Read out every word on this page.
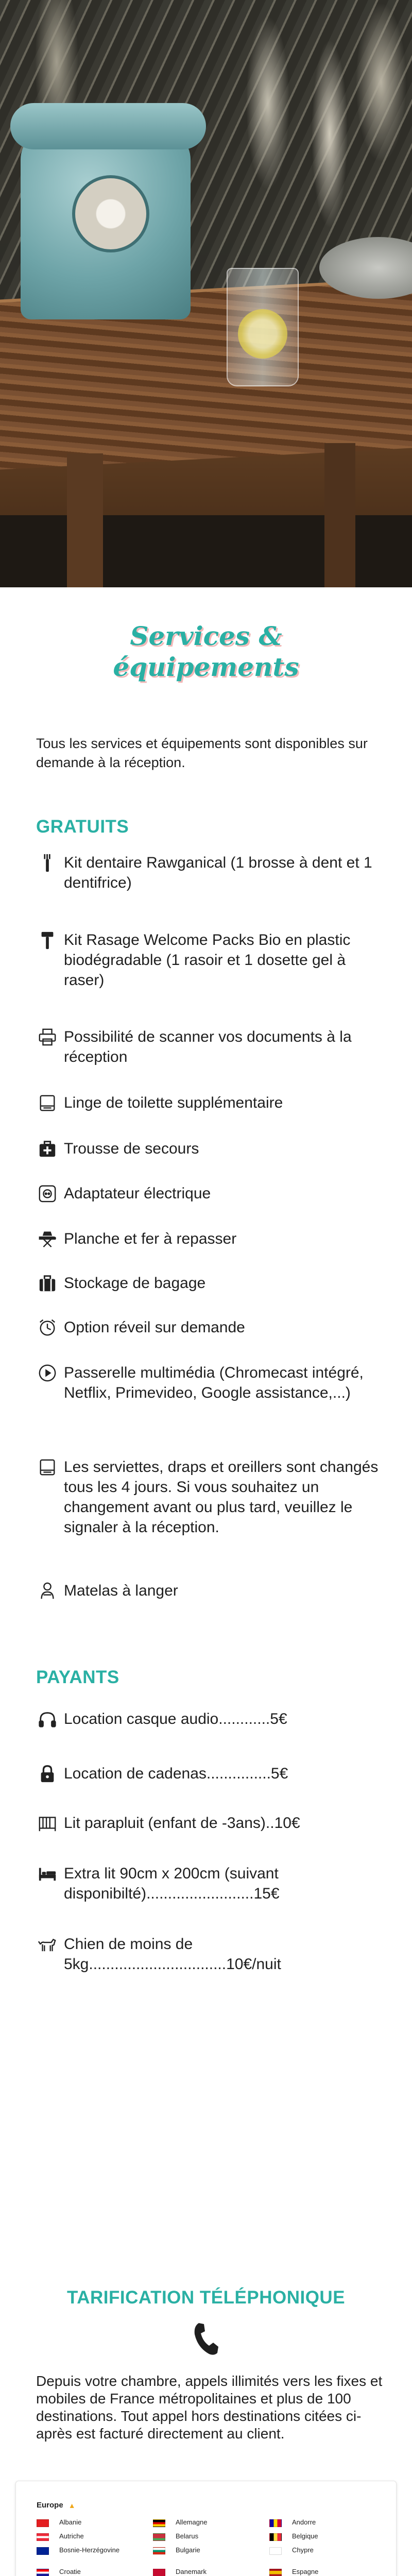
Services &
équipements

Tous les services et équipements sont disponibles sur demande à la réception.

GRATUITS
Kit dentaire Rawganical (1 brosse à dent et 1 dentifrice)
Kit Rasage Welcome Packs Bio en plastic biodégradable (1 rasoir et 1 dosette gel à raser)
Possibilité de scanner vos documents à la réception
Linge de toilette supplémentaire
Trousse de secours
Adaptateur électrique
Planche et fer à repasser
Stockage de bagage
Option réveil sur demande
Passerelle multimédia (Chromecast intégré, Netflix, Primevideo, Google assistance,...)
Les serviettes, draps et oreillers sont changés tous les 4 jours. Si vous souhaitez un changement avant ou plus tard, veuillez le signaler à la réception.
Matelas à langer
PAYANTS
Location casque audio............5€
Location de cadenas...............5€
Lit parapluit (enfant de -3ans)..10€
Extra lit 90cm x 200cm (suivant disponibilté).........................15€
Chien de moins de 5kg................................10€/nuit
TARIFICATION TÉLÉPHONIQUE

Depuis votre chambre, appels illimités vers les fixes et mobiles de France métropolitaines et plus de 100 destinations. Tout appel hors destinations citées ci-après est facturé directement au client.

Europe ▲
Albanie	Allemagne	Andorre
Autriche	Belarus	Belgique
Bosnie-Herzégovine	Bulgarie	Chypre
Croatie	Danemark	Espagne
